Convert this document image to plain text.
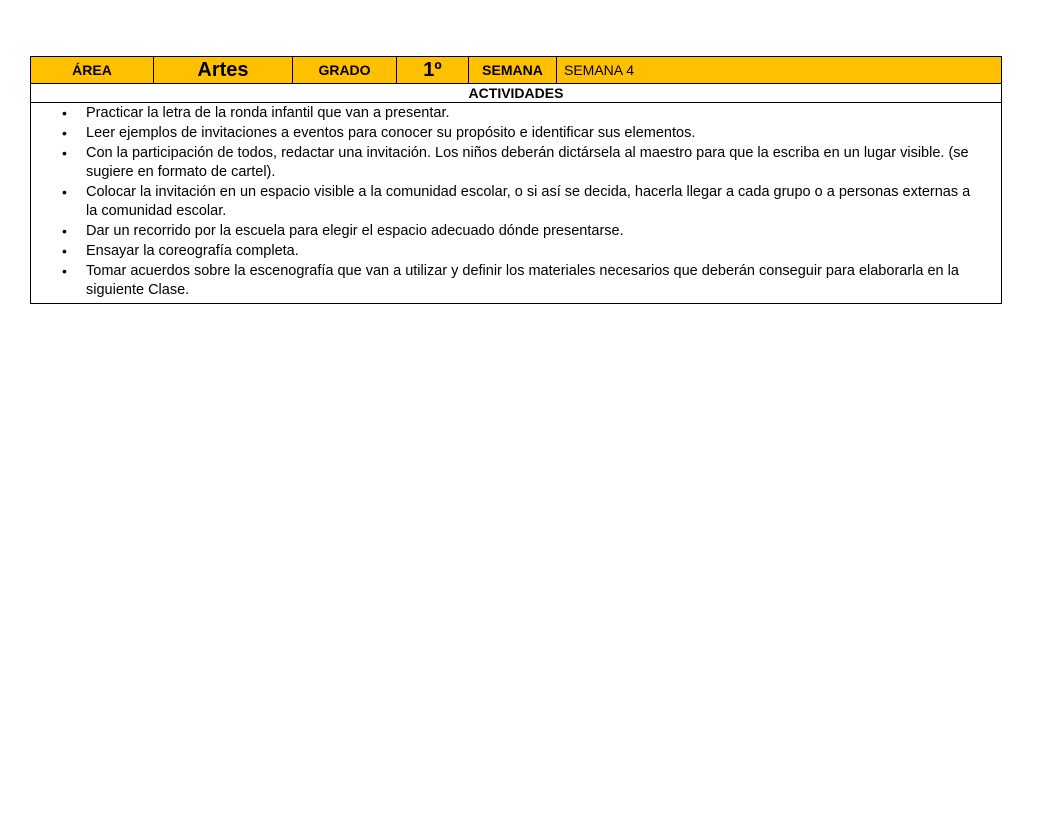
ÁREA	Artes	GRADO	1º	SEMANA	SEMANA 4
ACTIVIDADES

• Practicar la letra de la ronda infantil que van a presentar.
• Leer ejemplos de invitaciones a eventos para conocer su propósito e identificar sus elementos.
• Con la participación de todos, redactar una invitación. Los niños deberán dictársela al maestro para que la escriba en un lugar visible. (se sugiere en formato de cartel).
• Colocar la invitación en un espacio visible a la comunidad escolar, o si así se decida, hacerla llegar a cada grupo o a personas externas a la comunidad escolar.
• Dar un recorrido por la escuela para elegir el espacio adecuado dónde presentarse.
• Ensayar la coreografía completa.
• Tomar acuerdos sobre la escenografía que van a utilizar y definir los materiales necesarios que deberán conseguir para elaborarla en la siguiente Clase.
